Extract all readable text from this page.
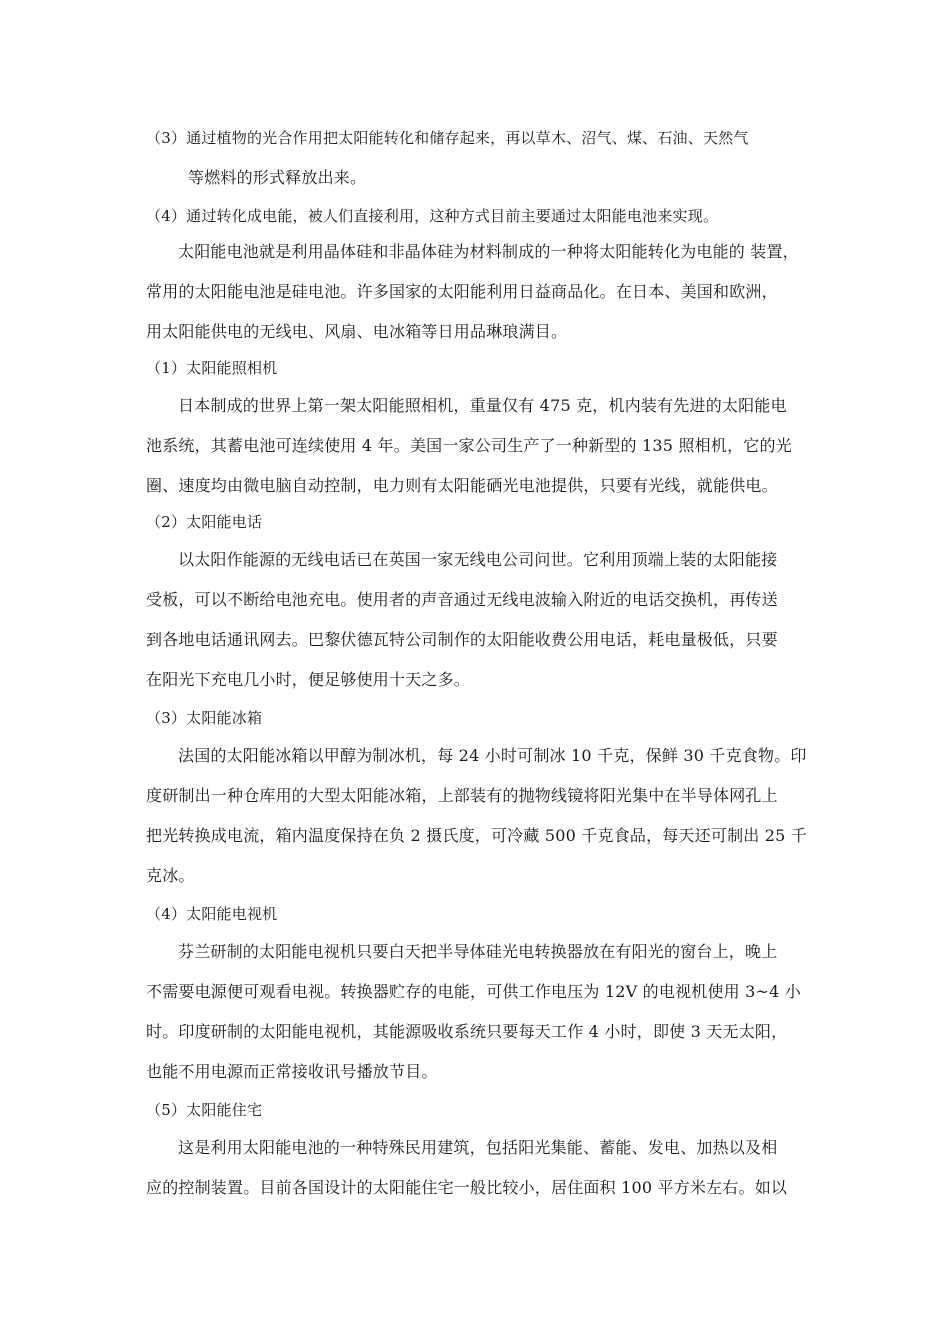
（3）通过植物的光合作用把太阳能转化和储存起来，再以草木、沼气、煤、石油、天然气
等燃料的形式释放出来。
（4）通过转化成电能，被人们直接利用，这种方式目前主要通过太阳能电池来实现。
太阳能电池就是利用晶体硅和非晶体硅为材料制成的一种将太阳能转化为电能的 装置，
常用的太阳能电池是硅电池。许多国家的太阳能利用日益商品化。在日本、美国和欧洲，
用太阳能供电的无线电、风扇、电冰箱等日用品琳琅满目。
（1）太阳能照相机
日本制成的世界上第一架太阳能照相机，重量仅有 475 克，机内装有先进的太阳能电
池系统，其蓄电池可连续使用 4 年。美国一家公司生产了一种新型的 135 照相机，它的光
圈、速度均由微电脑自动控制，电力则有太阳能硒光电池提供，只要有光线，就能供电。
（2）太阳能电话
以太阳作能源的无线电话已在英国一家无线电公司问世。它利用顶端上装的太阳能接
受板，可以不断给电池充电。使用者的声音通过无线电波输入附近的电话交换机，再传送
到各地电话通讯网去。巴黎伏德瓦特公司制作的太阳能收费公用电话，耗电量极低，只要
在阳光下充电几小时，便足够使用十天之多。
（3）太阳能冰箱
法国的太阳能冰箱以甲醇为制冰机，每 24 小时可制冰 10 千克，保鲜 30 千克食物。印
度研制出一种仓库用的大型太阳能冰箱，上部装有的抛物线镜将阳光集中在半导体网孔上
把光转换成电流，箱内温度保持在负 2 摄氏度，可冷藏 500 千克食品，每天还可制出 25 千
克冰。
（4）太阳能电视机
芬兰研制的太阳能电视机只要白天把半导体硅光电转换器放在有阳光的窗台上，晚上
不需要电源便可观看电视。转换器贮存的电能，可供工作电压为 12V 的电视机使用 3~4 小
时。印度研制的太阳能电视机，其能源吸收系统只要每天工作 4 小时，即使 3 天无太阳，
也能不用电源而正常接收讯号播放节目。
（5）太阳能住宅
这是利用太阳能电池的一种特殊民用建筑，包括阳光集能、蓄能、发电、加热以及相
应的控制装置。目前各国设计的太阳能住宅一般比较小，居住面积 100 平方米左右。如以
